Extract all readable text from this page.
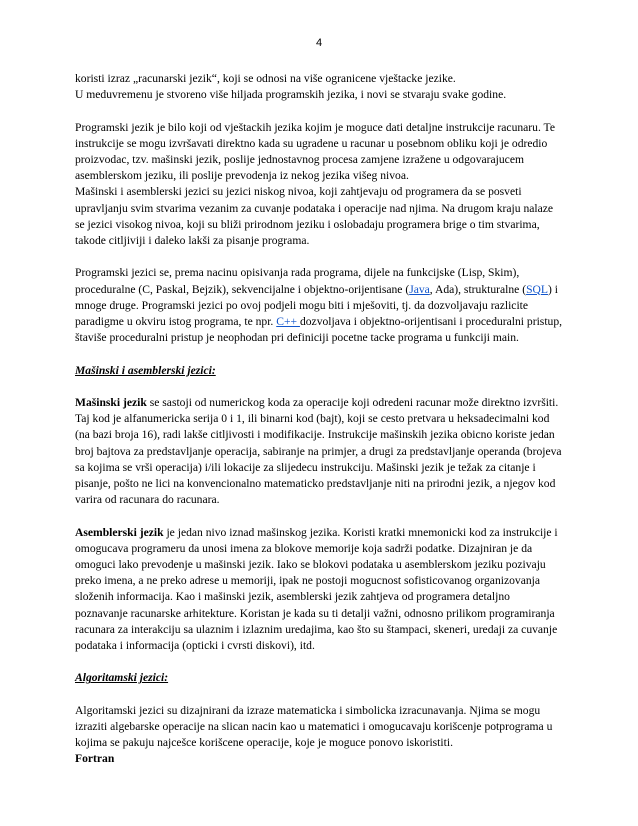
4

koristi izraz „racunarski jezik“, koji se odnosi na više ogranicene vještacke jezike.
U meduvremenu je stvoreno više hiljada programskih jezika, i novi se stvaraju svake godine.

Programski jezik je bilo koji od vještackih jezika kojim je moguce dati detaljne instrukcije racunaru. Te instrukcije se mogu izvršavati direktno kada su ugradene u racunar u posebnom obliku koji je odredio proizvodac, tzv. mašinski jezik, poslije jednostavnog procesa zamjene izražene u odgovarajucem asemblerskom jeziku, ili poslije prevodenja iz nekog jezika višeg nivoa.

Mašinski i asemblerski jezici su jezici niskog nivoa, koji zahtjevaju od programera da se posveti upravljanju svim stvarima vezanim za cuvanje podataka i operacije nad njima. Na drugom kraju nalaze se jezici visokog nivoa, koji su bliži prirodnom jeziku i oslobadaju programera brige o tim stvarima, takode citljiviji i daleko lakši za pisanje programa.

Programski jezici se, prema nacinu opisivanja rada programa, dijele na funkcijske (Lisp, Skim), proceduralne (C, Paskal, Bejzik), sekvencijalne i objektno-orijentisane (Java, Ada), strukturalne (SQL) i mnoge druge. Programski jezici po ovoj podjeli mogu biti i mješoviti, tj. da dozvoljavaju razlicite paradigme u okviru istog programa, te npr. C++ dozvoljava i objektno-orijentisani i proceduralni pristup, štaviše proceduralni pristup je neophodan pri definiciji pocetne tacke programa u funkciji main.

Mašinski i asemblerski jezici:

Mašinski jezik se sastoji od numerickog koda za operacije koji odredeni racunar može direktno izvršiti. Taj kod je alfanumericka serija 0 i 1, ili binarni kod (bajt), koji se cesto pretvara u heksadecimalni kod (na bazi broja 16), radi lakše citljivosti i modifikacije. Instrukcije mašinskih jezika obicno koriste jedan broj bajtova za predstavljanje operacija, sabiranje na primjer, a drugi za predstavljanje operanda (brojeva sa kojima se vrši operacija) i/ili lokacije za slijedecu instrukciju. Mašinski jezik je težak za citanje i pisanje, pošto ne lici na konvencionalno matematicko predstavljanje niti na prirodni jezik, a njegov kod varira od racunara do racunara.

Asemblerski jezik je jedan nivo iznad mašinskog jezika. Koristi kratki mnemonicki kod za instrukcije i omogucava programeru da unosi imena za blokove memorije koja sadrži podatke. Dizajniran je da omoguci lako prevodenje u mašinski jezik. Iako se blokovi podataka u asemblerskom jeziku pozivaju preko imena, a ne preko adrese u memoriji, ipak ne postoji mogucnost sofisticovanog organizovanja složenih informacija. Kao i mašinski jezik, asemblerski jezik zahtjeva od programera detaljno poznavanje racunarske arhitekture. Koristan je kada su ti detalji važni, odnosno prilikom programiranja racunara za interakciju sa ulaznim i izlaznim uredajima, kao što su štampaci, skeneri, uredaji za cuvanje podataka i informacija (opticki i cvrsti diskovi), itd.

Algoritamski jezici:

Algoritamski jezici su dizajnirani da izraze matematicka i simbolicka izracunavanja. Njima se mogu izraziti algebarske operacije na slican nacin kao u matematici i omogucavaju korišcenje potprograma u kojima se pakuju najcešce korišcene operacije, koje je moguce ponovo iskoristiti.

Fortran
